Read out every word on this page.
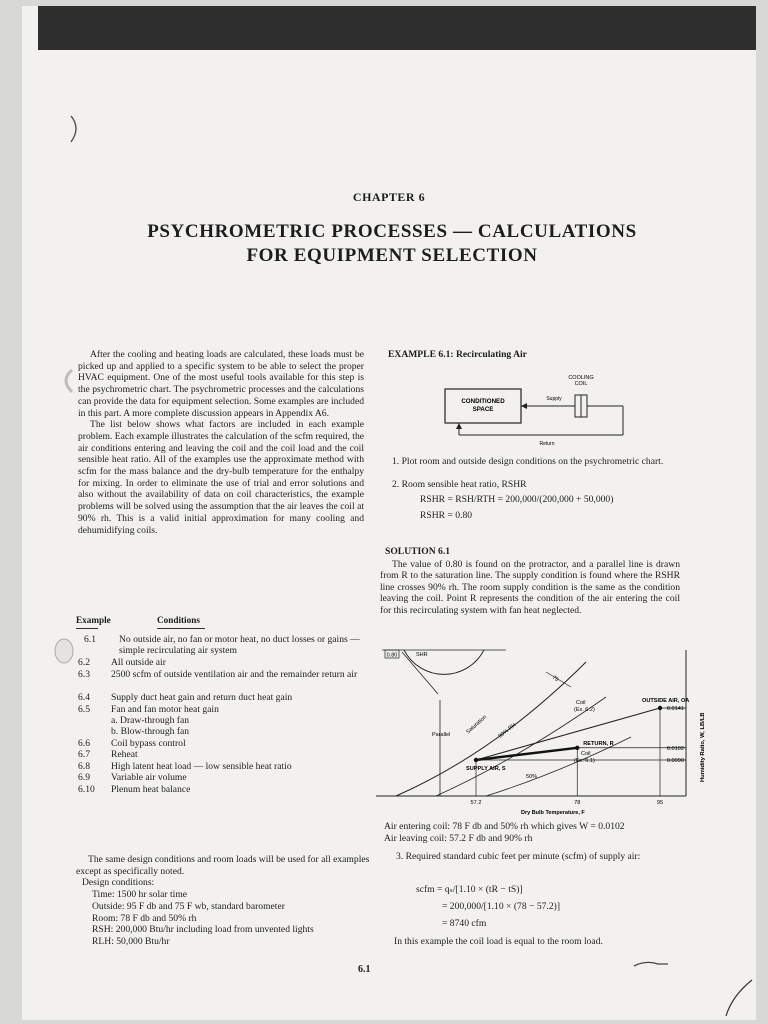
CHAPTER 6
PSYCHROMETRIC PROCESSES — CALCULATIONS
FOR EQUIPMENT SELECTION

After the cooling and heating loads are calculated, these loads must be picked up and applied to a specific system to be able to select the proper HVAC equipment. One of the most useful tools available for this step is the psychrometric chart. The psychrometric processes and the calculations can provide the data for equipment selection. Some examples are included in this part. A more complete discussion appears in Appendix A6.

The list below shows what factors are included in each example problem. Each example illustrates the calculation of the scfm required, the air conditions entering and leaving the coil and the coil load and the coil sensible heat ratio. All of the examples use the approximate method with scfm for the mass balance and the dry-bulb temperature for the enthalpy for mixing. In order to eliminate the use of trial and error solutions and also without the availability of data on coil characteristics, the example problems will be solved using the assumption that the air leaves the coil at 90% rh. This is a valid initial approximation for many cooling and dehumidifying coils.

Example	Conditions
6.1	No outside air, no fan or motor heat, no duct losses or gains — simple recirculating air system
6.2	All outside air
6.3	2500 scfm of outside ventilation air and the remainder return air
6.4	Supply duct heat gain and return duct heat gain
6.5	Fan and fan motor heat gain
a. Draw-through fan
b. Blow-through fan
6.6	Coil bypass control
6.7	Reheat
6.8	High latent heat load — low sensible heat ratio
6.9	Variable air volume
6.10	Plenum heat balance

The same design conditions and room loads will be used for all examples except as specifically noted.

Design conditions:
Time: 1500 hr solar time
Outside: 95 F db and 75 F wb, standard barometer
Room: 78 F db and 50% rh
RSH: 200,000 Btu/hr including load from unvented lights
RLH: 50,000 Btu/hr
EXAMPLE 6.1: Recirculating Air
CONDITIONED
SPACE
COOLING
COIL
Supply
Return
1. Plot room and outside design conditions on the psychrometric chart.
2. Room sensible heat ratio, RSHR
RSHR = RSH/RTH = 200,000/(200,000 + 50,000)
RSHR = 0.80
SOLUTION 6.1

The value of 0.80 is found on the protractor, and a parallel line is drawn from R to the saturation line. The supply condition is found where the RSHR line crosses 90% rh. The room supply condition is the same as the condition leaving the coil. Point R represents the condition of the air entering the coil for this recirculating system with fan heat neglected.

0.80	SHR
Parallel	Saturation 90% RH
50%
75
OUTSIDE AIR, OA
RETURN, R
SUPPLY AIR, S
57.2	78	95
0.0141
0.0102
0.0090
Coil
(Ex. 6.2)
Coil
(Ex. 6.1)
Dry Bulb Temperature, F
Humidity Ratio, W, LB/LB
Air entering coil: 78 F db and 50% rh which gives W = 0.0102
Air leaving coil: 57.2 F db and 90% rh
3. Required standard cubic feet per minute (scfm) of supply air:
scfm = qₛ/[1.10 × (tR − tS)]
= 200,000/[1.10 × (78 − 57.2)]
= 8740 cfm
In this example the coil load is equal to the room load.
6.1
